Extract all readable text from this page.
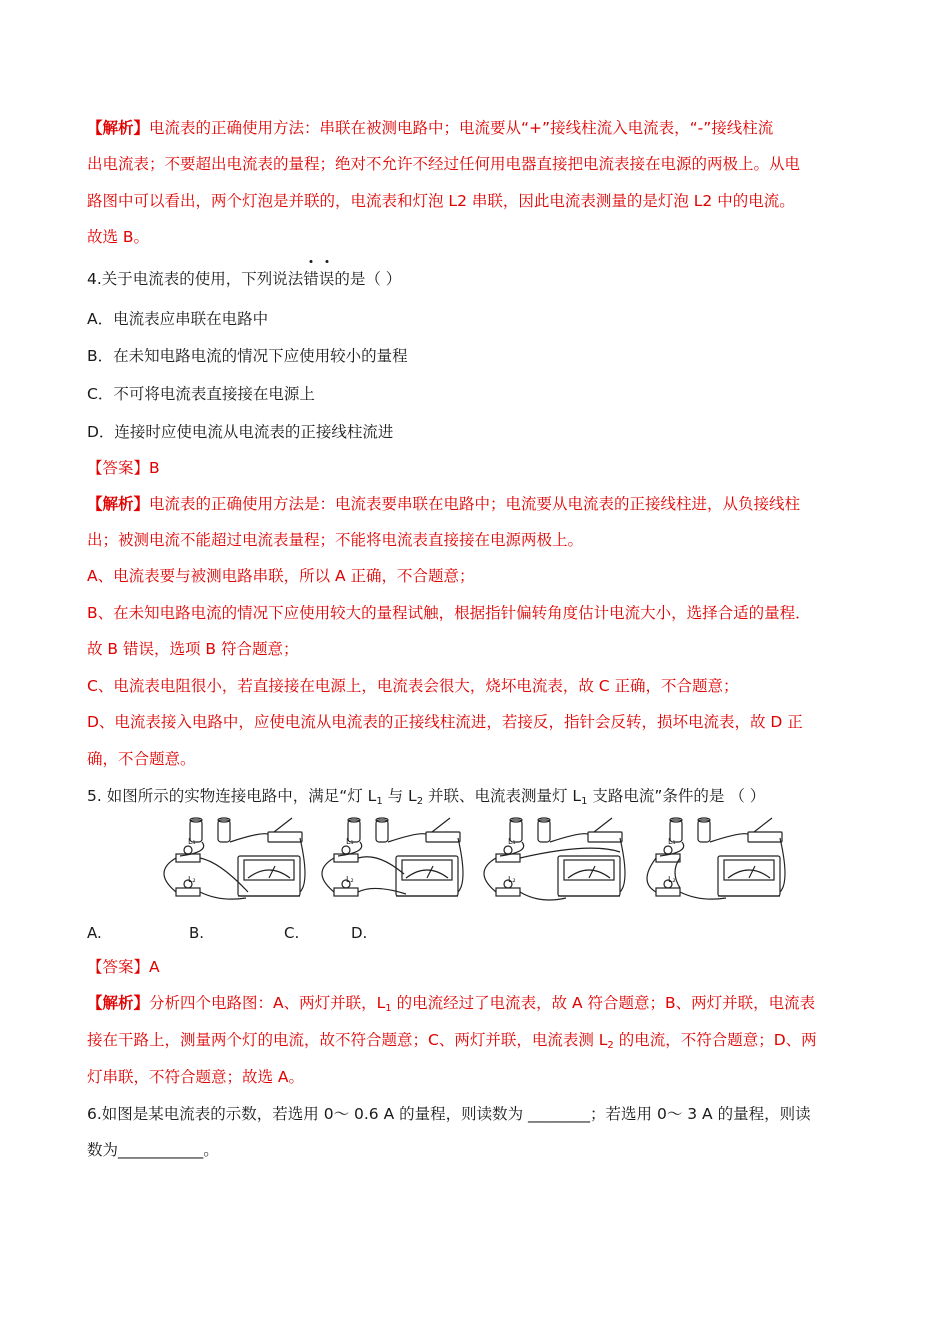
【解析】电流表的正确使用方法：串联在被测电路中；电流要从“+”接线柱流入电流表，“-”接线柱流
出电流表；不要超出电流表的量程；绝对不允许不经过任何用电器直接把电流表接在电源的两极上。从电
路图中可以看出，两个灯泡是并联的，电流表和灯泡 L2 串联，因此电流表测量的是灯泡 L2 中的电流。
故选 B。
4.关于电流表的使用，下列说法
错
误的是（ ）
A．电流表应串联在电路中
B．在未知电路电流的情况下应使用较小的量程
C．不可将电流表直接接在电源上
D．连接时应使电流从电流表的正接线柱流进
【答案】B
【解析】电流表的正确使用方法是：电流表要串联在电路中；电流要从电流表的正接线柱进，从负接线柱
出；被测电流不能超过电流表量程；不能将电流表直接接在电源两极上。
A、电流表要与被测电路串联，所以 A 正确，不合题意；
B、在未知电路电流的情况下应使用较大的量程试触，根据指针偏转角度估计电流大小，选择合适的量程．
故 B 错误，选项 B 符合题意；
C、电流表电阻很小，若直接接在电源上，电流表会很大，烧坏电流表，故 C 正确，不合题意；
D、电流表接入电路中，应使电流从电流表的正接线柱流进，若接反，指针会反转，损坏电流表，故 D 正
确，不合题意。
5. 如图所示的实物连接电路中，满足“灯 $L_1$ 与 $L_2$ 并联、电流表测量灯 $L_1$ 支路电流”条件的是 （ ）
L₁
L₂
L₁
L₂
L₁
L₂
L₁
L₂
A.	B.	C.	D.
【答案】A
【解析】分析四个电路图：A、两灯并联，$L_1$ 的电流经过了电流表，故 A 符合题意；B、两灯并联，电流表
接在干路上，测量两个灯的电流，故不符合题意；C、两灯并联，电流表测 $L_2$ 的电流，不符合题意；D、两
灯串联，不符合题意；故选 A。
6.如图是某电流表的示数，若选用 0～ 0.6 A 的量程，则读数为 ________；若选用 0～ 3 A 的量程，则读
数为___________。
